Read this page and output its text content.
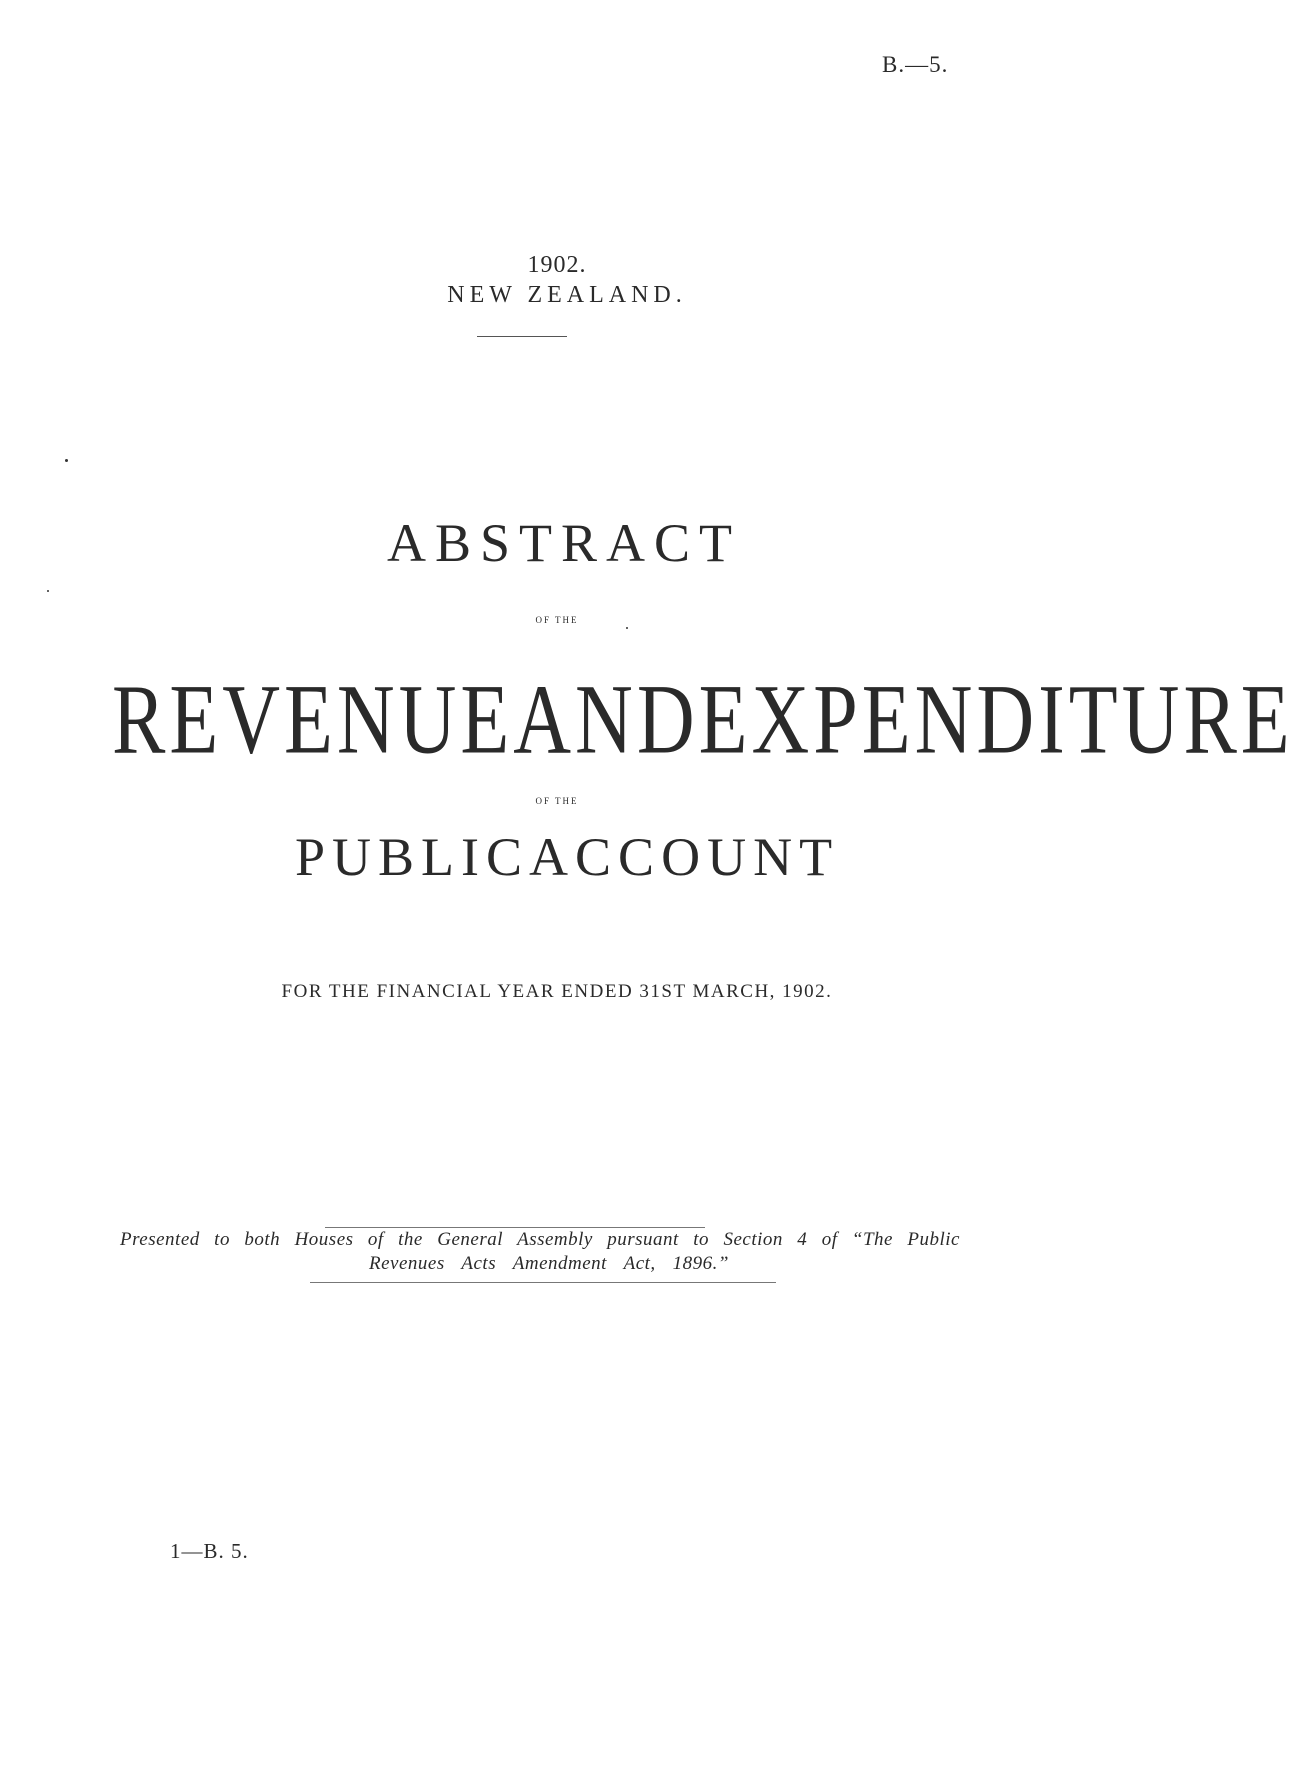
B.—5.
1902.
NEW ZEALAND.
ABSTRACT
OF THE
REVENUE AND EXPENDITURE
OF THE
PUBLIC ACCOUNT
FOR THE FINANCIAL YEAR ENDED 31ST MARCH, 1902.
Presented to both Houses of the General Assembly pursuant to Section 4 of “The Public
Revenues Acts Amendment Act, 1896.”
1—B. 5.
